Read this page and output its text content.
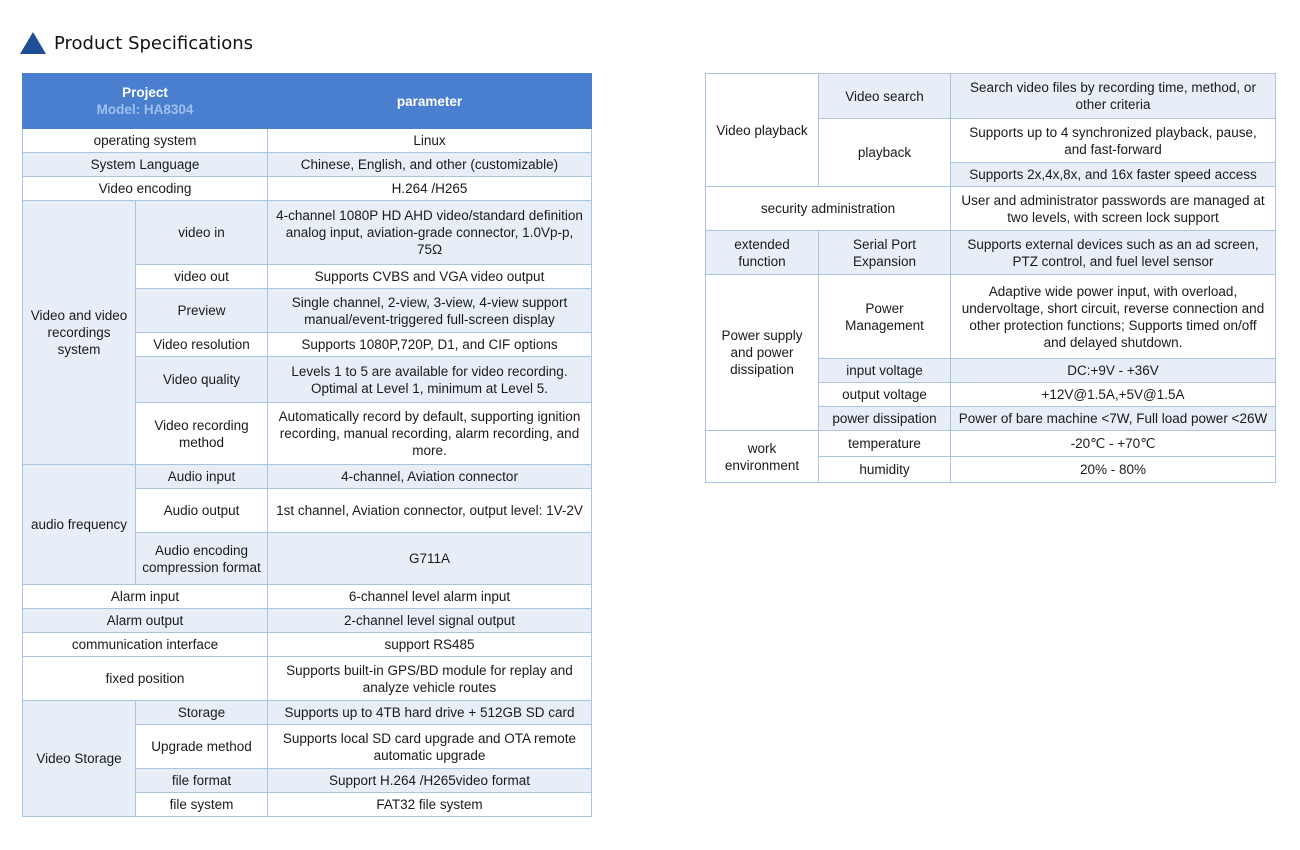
Product Specifications
Project
Model: HA8304		parameter
operating system		Linux
System Language		Chinese, English, and other (customizable)
Video encoding		H.264 /H265
Video and video recordings system	video in	4-channel 1080P HD AHD video/standard definition analog input, aviation-grade connector, 1.0Vp-p, 75Ω
	video out	Supports CVBS and VGA video output
	Preview	Single channel, 2-view, 3-view, 4-view support manual/event-triggered full-screen display
	Video resolution	Supports 1080P,720P, D1, and CIF options
	Video quality	Levels 1 to 5 are available for video recording. Optimal at Level 1, minimum at Level 5.
	Video recording method	Automatically record by default, supporting ignition recording, manual recording, alarm recording, and more.
audio frequency	Audio input	4-channel, Aviation connector
	Audio output	1st channel, Aviation connector, output level: 1V-2V
	Audio encoding compression format	G711A
Alarm input		6-channel level alarm input
Alarm output		2-channel level signal output
communication interface		support RS485
fixed position		Supports built-in GPS/BD module for replay and analyze vehicle routes
Video Storage	Storage	Supports up to 4TB hard drive + 512GB SD card
	Upgrade method	Supports local SD card upgrade and OTA remote automatic upgrade
	file format	Support H.264 /H265video format
	file system	FAT32 file system
Video playback	Video search	Search video files by recording time, method, or other criteria
	playback	Supports up to 4 synchronized playback, pause, and fast-forward
		Supports 2x,4x,8x, and 16x faster speed access
security administration		User and administrator passwords are managed at two levels, with screen lock support
extended function	Serial Port Expansion	Supports external devices such as an ad screen, PTZ control, and fuel level sensor
Power supply and power dissipation	Power Management	Adaptive wide power input, with overload, undervoltage, short circuit, reverse connection and other protection functions; Supports timed on/off and delayed shutdown.
	input voltage	DC:+9V - +36V
	output voltage	+12V@1.5A,+5V@1.5A
	power dissipation	Power of bare machine <7W, Full load power <26W
work environment	temperature	-20℃ - +70℃
	humidity	20% - 80%
